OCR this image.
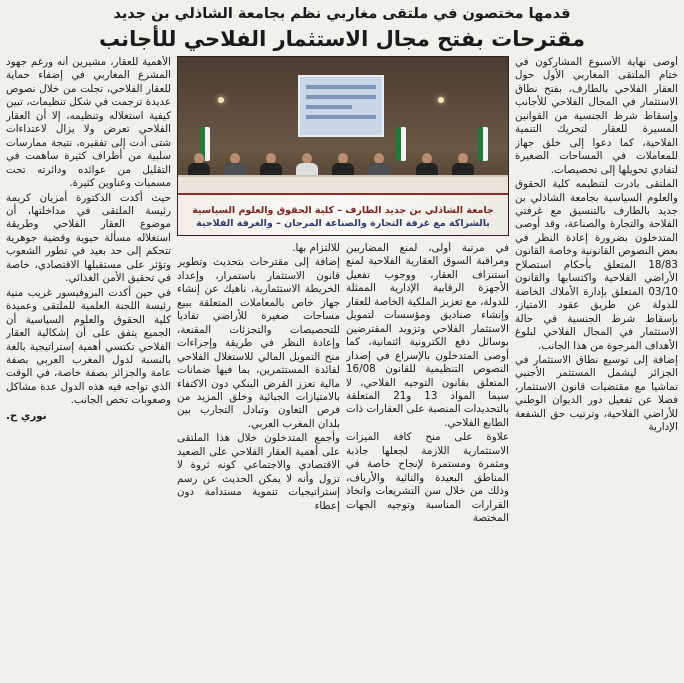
قدمها مختصون في ملتقى مغاربي نظم بجامعة الشاذلي بن جديد
مقترحات بفتح مجال الاستثمار الفلاحي للأجانب

أوصى نهاية الأسبوع المشاركون في ختام الملتقى المغاربي الأول حول العقار الفلاحي بالطارف، بفتح نطاق الاستثمار في المجال الفلاحي للأجانب وإسقاط شرط الجنسية من القوانين المسيرة للعقار لتحريك التنمية الفلاحية، كما دعوا إلى خلق جهاز للمعاملات في المساحات الصغيرة لتفادي تحويلها إلى تحصيصات.

الملتقى بادرت لتنظيمه كلية الحقوق والعلوم السياسية بجامعة الشاذلي بن جديد بالطارف بالتنسيق مع غرفتي الفلاحة والتجارة والصناعة، وقد أوصى المتدخلون بضرورة إعادة النظر في بعض النصوص القانونية وخاصة القانون 18/83 المتعلق بأحكام استصلاح الأراضي الفلاحية واكتسابها والقانون 03/10 المتعلق بإدارة الأملاك الخاصة للدولة عن طريق عقود الامتياز، بإسقاط شرط الجنسية في حالة الاستثمار في المجال الفلاحي لبلوغ الأهداف المرجوة من هذا الجانب.

إضافة إلى توسيع نطاق الاستثمار في الجزائر ليشمل المستثمر الأجنبي تماشيا مع مقتضيات قانون الاستثمار، فضلا عن تفعيل دور الديوان الوطني للأراضي الفلاحية، وترتيب حق الشفعة الإدارية

جامعة الشاذلي بن جديد الطارف – كلية الحقوق والعلوم السياسية
بالشراكة مع غرفة التجارة والصناعة المرجان – والغرفة الفلاحية

في مرتبة أولى، لمنع المضاربين ومراقبة السوق العقارية الفلاحية لمنع استنزاف العقار، ووجوب تفعيل الأجهزة الرقابية الإدارية الممثلة للدولة، مع تعزيز الملكية الخاصة للعقار وإنشاء صناديق ومؤسسات لتمويل الاستثمار الفلاحي وتزويد المقترضين بوسائل دفع الكترونية ائتمانية، كما أوصى المتدخلون بالإسراع في إصدار النصوص التنظيمية للقانون 16/08 المتعلق بقانون التوجيه الفلاحي، لا سيما المواد 13 و21 المتعلقة بالتحديدات المنصبة على العقارات ذات الطابع الفلاحي.

علاوة على منح كافة الميزات الاستثمارية اللازمة لجعلها جاذبة ومثمرة ومستمرة لإنجاح خاصة في المناطق البعيدة والنائية والأرياف، وذلك من خلال سن التشريعات واتخاذ القرارات المناسبة وتوجيه الجهات المختصة

للالتزام بها.

إضافة إلى مقترحات بتحديث وتطوير قانون الاستثمار باستمرار، وإعداد الخريطة الاستثمارية، ناهيك عن إنشاء جهاز خاص بالمعاملات المتعلقة ببيع مساحات صغيرة للأراضي تفاديا للتحصيصات والتجزئات المقنعة، وإعادة النظر في طريقة وإجراءات منح التمويل المالي للاستغلال الفلاحي لفائدة المستثمرين، بما فيها ضمانات مالية تعزز القرض البنكي دون الاكتفاء بالامتيازات الجبائية وخلق المزيد من فرص التعاون وتبادل التجارب بين بلدان المغرب العربي.

وأجمع المتدخلون خلال هذا الملتقى على أهمية العقار الفلاحي على الصعيد الاقتصادي والاجتماعي كونه ثروة لا تزول وأنه لا يمكن الحديث عن رسم إستراتيجيات تنموية مستدامة دون إعطاء

الأهمية للعقار، مشيرين أنه ورغم جهود المشرع المغاربي في إضفاء حماية للعقار الفلاحي، تجلت من خلال نصوص عديدة ترجمت في شكل تنظيمات، تبين كيفية استغلاله وتنظيمه، إلا أن العقار الفلاحي تعرض ولا يزال لاعتداءات شتى أدت إلى تفقيره، نتيجة ممارسات سلبية من أطراف كثيرة ساهمت في التقليل من عوائده ودائرته تحت مسميات وعناوين كثيرة.

حيث أكدت الدكتورة أمزيان كريمة رئيسة الملتقى في مداخلتها، أن موضوع العقار الفلاحي وطريقة استغلاله مسألة حيوية وقضية جوهرية تتحكم إلى حد بعيد في تطور الشعوب وتؤثر على مستقبلها الاقتصادي، خاصة في تحقيق الأمن الغذائي.

في حين أكدت البروفيسور غريب منية رئيسة اللجنة العلمية للملتقى وعميدة كلية الحقوق والعلوم السياسية أن الجميع يتفق على أن إشكالية العقار الفلاحي تكتسي أهمية إستراتيجية بالغة بالنسبة لدول المغرب العربي بصفة عامة والجزائر بصفة خاصة، في الوقت الذي تواجه فيه هذه الدول عدة مشاكل وصعوبات تخص الجانب.

نوري ح.
